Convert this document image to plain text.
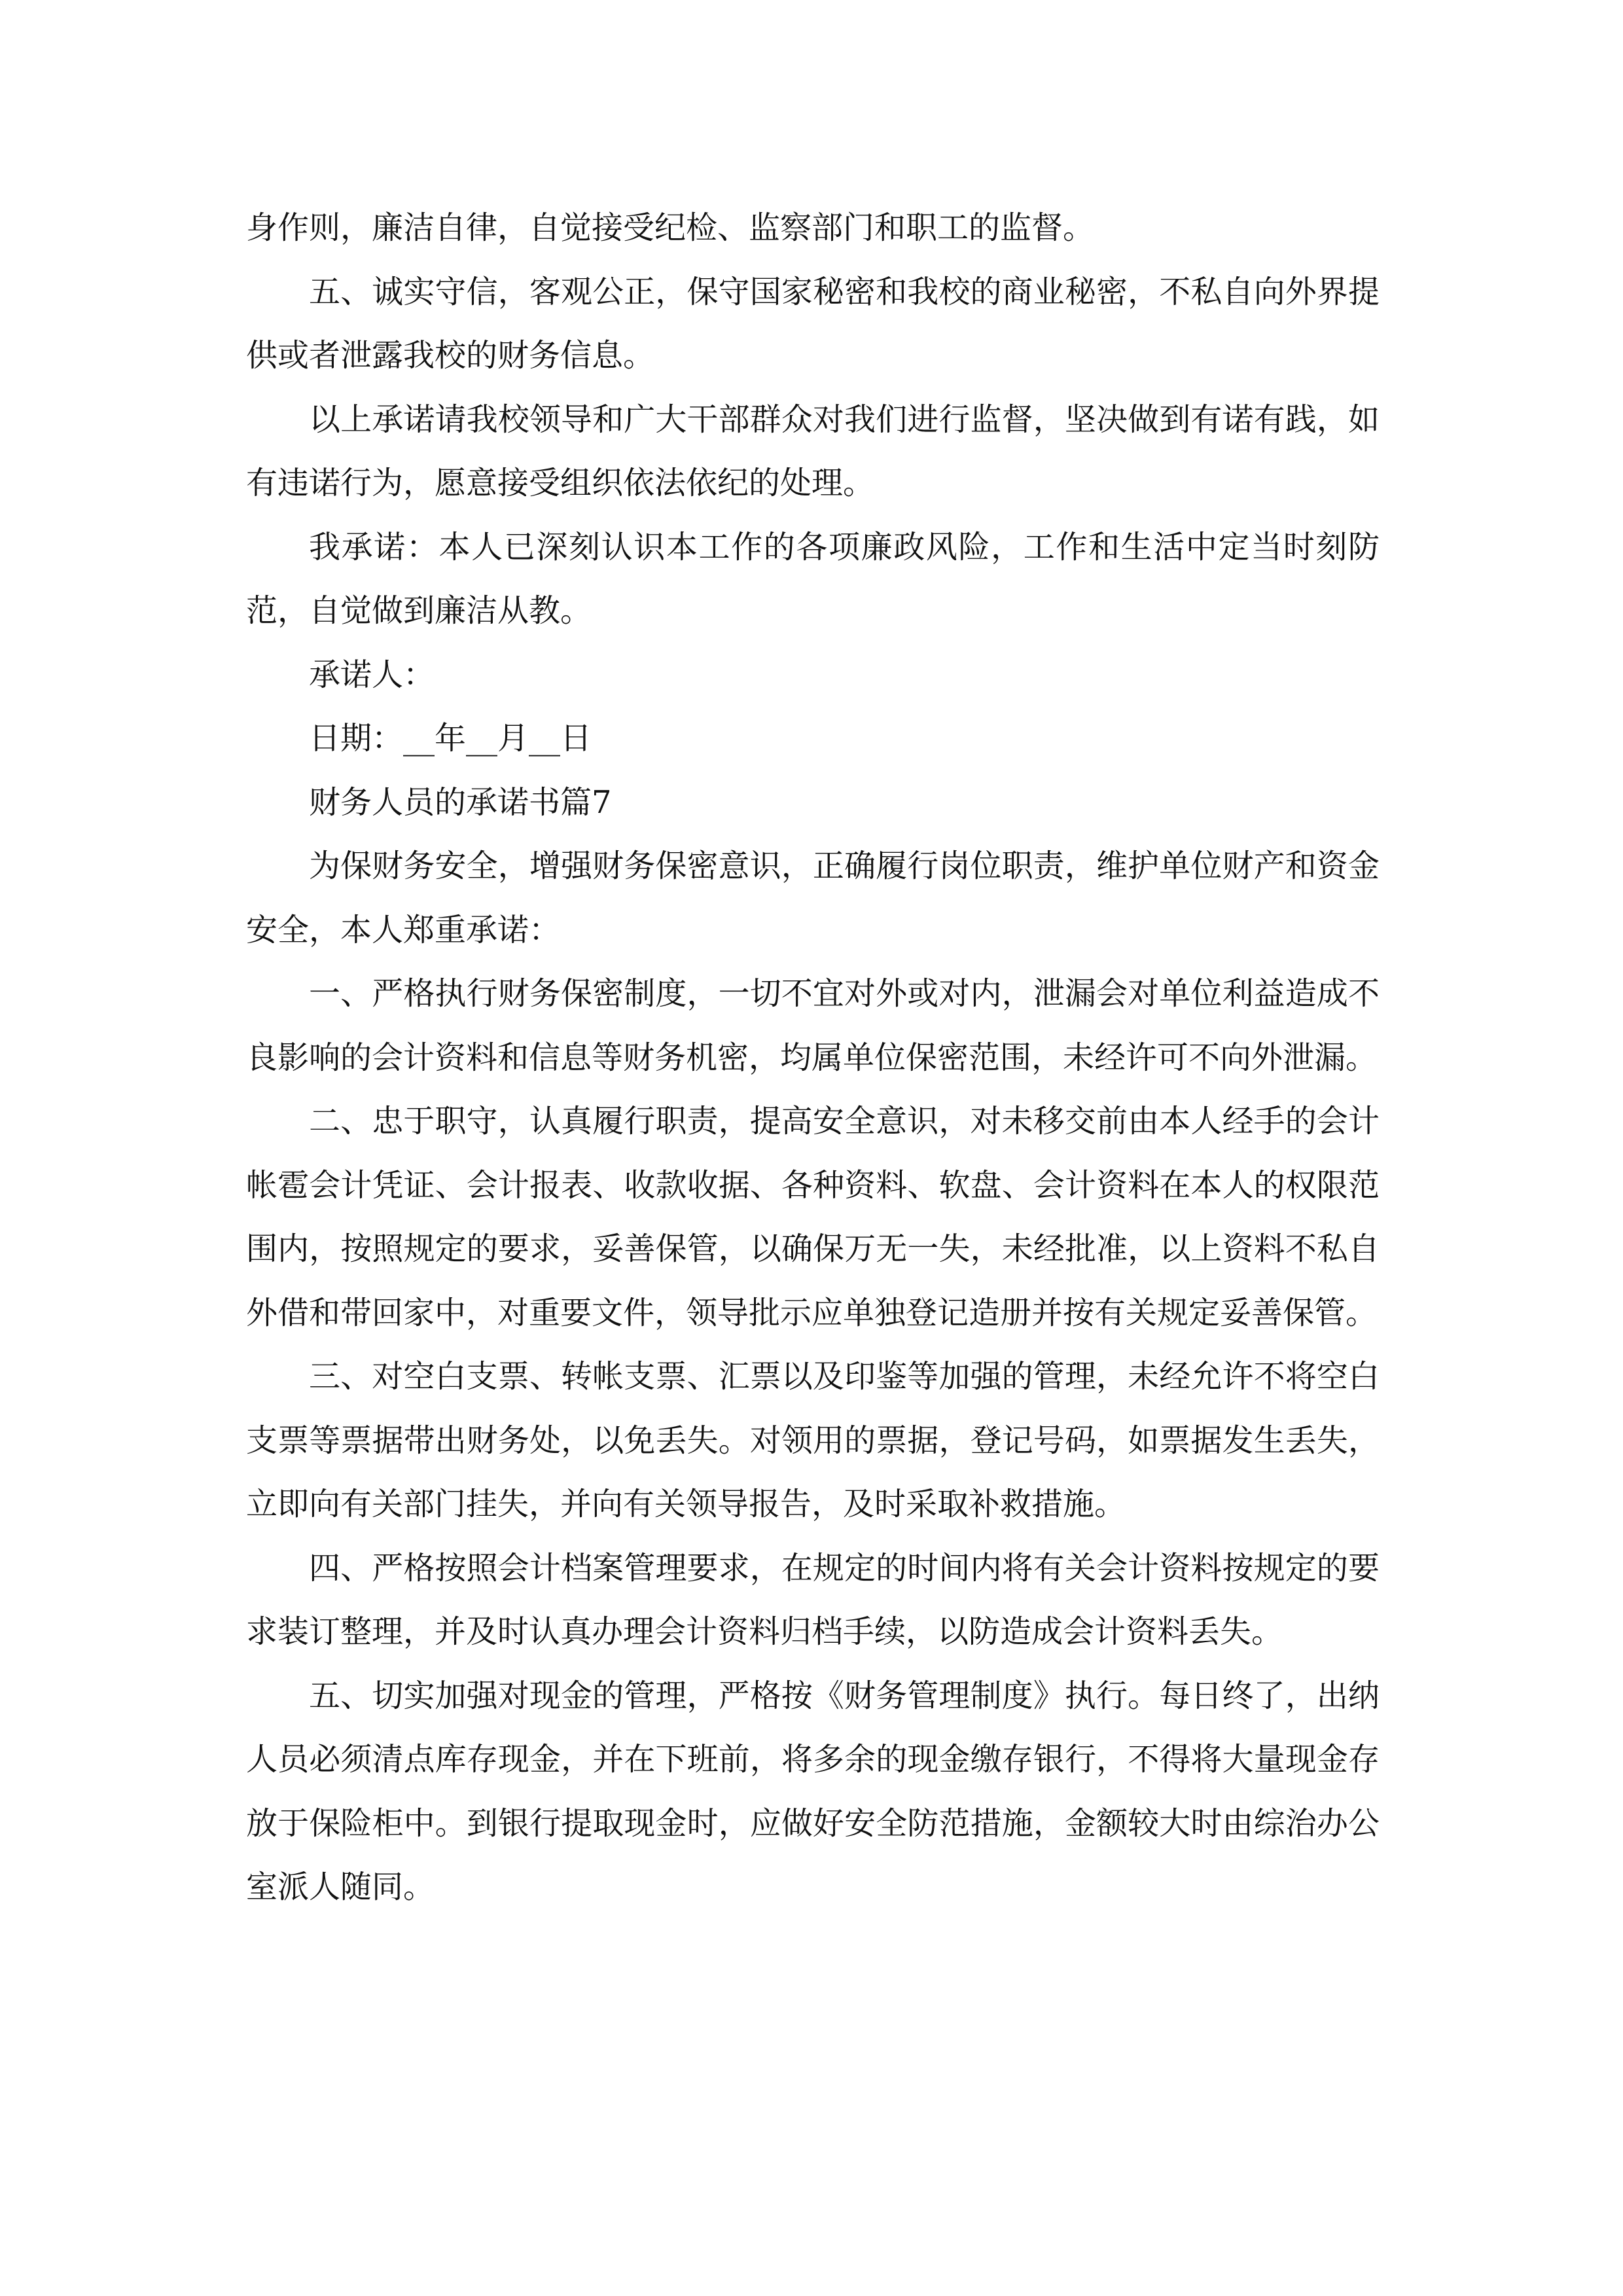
身作则，廉洁自律，自觉接受纪检、监察部门和职工的监督。

五、诚实守信，客观公正，保守国家秘密和我校的商业秘密，不私自向外界提供或者泄露我校的财务信息。

以上承诺请我校领导和广大干部群众对我们进行监督，坚决做到有诺有践，如有违诺行为，愿意接受组织依法依纪的处理。

我承诺：本人已深刻认识本工作的各项廉政风险，工作和生活中定当时刻防范，自觉做到廉洁从教。

承诺人：

日期：__年__月__日

财务人员的承诺书篇7

为保财务安全，增强财务保密意识，正确履行岗位职责，维护单位财产和资金安全，本人郑重承诺：

一、严格执行财务保密制度，一切不宜对外或对内，泄漏会对单位利益造成不良影响的会计资料和信息等财务机密，均属单位保密范围，未经许可不向外泄漏。

二、忠于职守，认真履行职责，提高安全意识，对未移交前由本人经手的会计帐雹会计凭证、会计报表、收款收据、各种资料、软盘、会计资料在本人的权限范围内，按照规定的要求，妥善保管，以确保万无一失，未经批准，以上资料不私自外借和带回家中，对重要文件，领导批示应单独登记造册并按有关规定妥善保管。

三、对空白支票、转帐支票、汇票以及印鉴等加强的管理，未经允许不将空白支票等票据带出财务处，以免丢失。对领用的票据，登记号码，如票据发生丢失，立即向有关部门挂失，并向有关领导报告，及时采取补救措施。

四、严格按照会计档案管理要求，在规定的时间内将有关会计资料按规定的要求装订整理，并及时认真办理会计资料归档手续，以防造成会计资料丢失。

五、切实加强对现金的管理，严格按《财务管理制度》执行。每日终了，出纳人员必须清点库存现金，并在下班前，将多余的现金缴存银行，不得将大量现金存放于保险柜中。到银行提取现金时，应做好安全防范措施，金额较大时由综治办公室派人随同。
